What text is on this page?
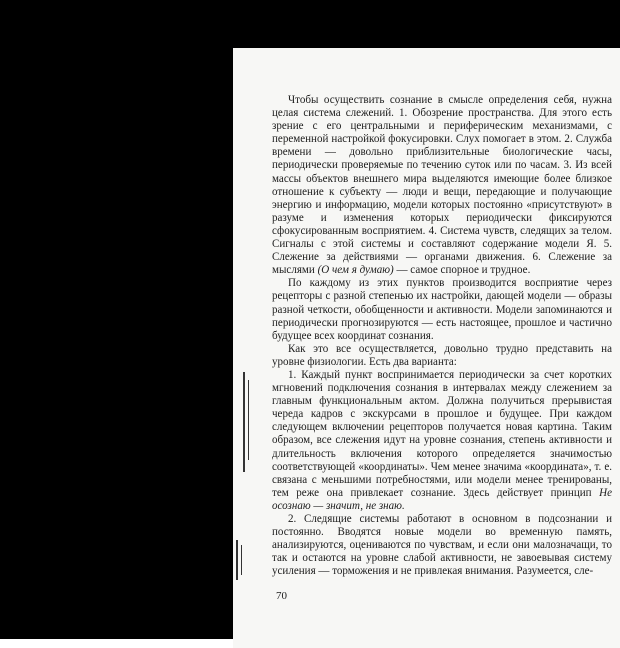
Чтобы осуществить сознание в смысле определения себя, нужна целая система слежений. 1. Обозрение пространства. Для этого есть зрение с его центральными и периферическим механизмами, с переменной настройкой фокусировки. Слух помогает в этом. 2. Служба времени — довольно приблизительные биологические часы, периодически проверяемые по течению суток или по часам. 3. Из всей массы объектов внешнего мира выделяются имеющие более близкое отношение к субъекту — люди и вещи, передающие и получающие энергию и информацию, модели которых постоянно «присутствуют» в разуме и изменения которых периодически фиксируются сфокусированным восприятием. 4. Система чувств, следящих за телом. Сигналы с этой системы и составляют содержание модели Я. 5. Слежение за действиями — органами движения. 6. Слежение за мыслями (О чем я думаю) — самое спорное и трудное.

По каждому из этих пунктов производится восприятие через рецепторы с разной степенью их настройки, дающей модели — образы разной четкости, обобщенности и активности. Модели запоминаются и периодически прогнозируются — есть настоящее, прошлое и частично будущее всех координат сознания.

Как это все осуществляется, довольно трудно представить на уровне физиологии. Есть два варианта:

1. Каждый пункт воспринимается периодически за счет коротких мгновений подключения сознания в интервалах между слежением за главным функциональным актом. Должна получиться прерывистая череда кадров с экскурсами в прошлое и будущее. При каждом следующем включении рецепторов получается новая картина. Таким образом, все слежения идут на уровне сознания, степень активности и длительность включения которого определяется значимостью соответствующей «координаты». Чем менее значима «координата», т. е. связана с меньшими потребностями, или модели менее тренированы, тем реже она привлекает сознание. Здесь действует принцип Не осознаю — значит, не знаю.

2. Следящие системы работают в основном в подсознании и постоянно. Вводятся новые модели во временную память, анализируются, оцениваются по чувствам, и если они малозначащи, то так и остаются на уровне слабой активности, не завоевывая систему усиления — торможения и не привлекая внимания. Разумеется, сле-

70
